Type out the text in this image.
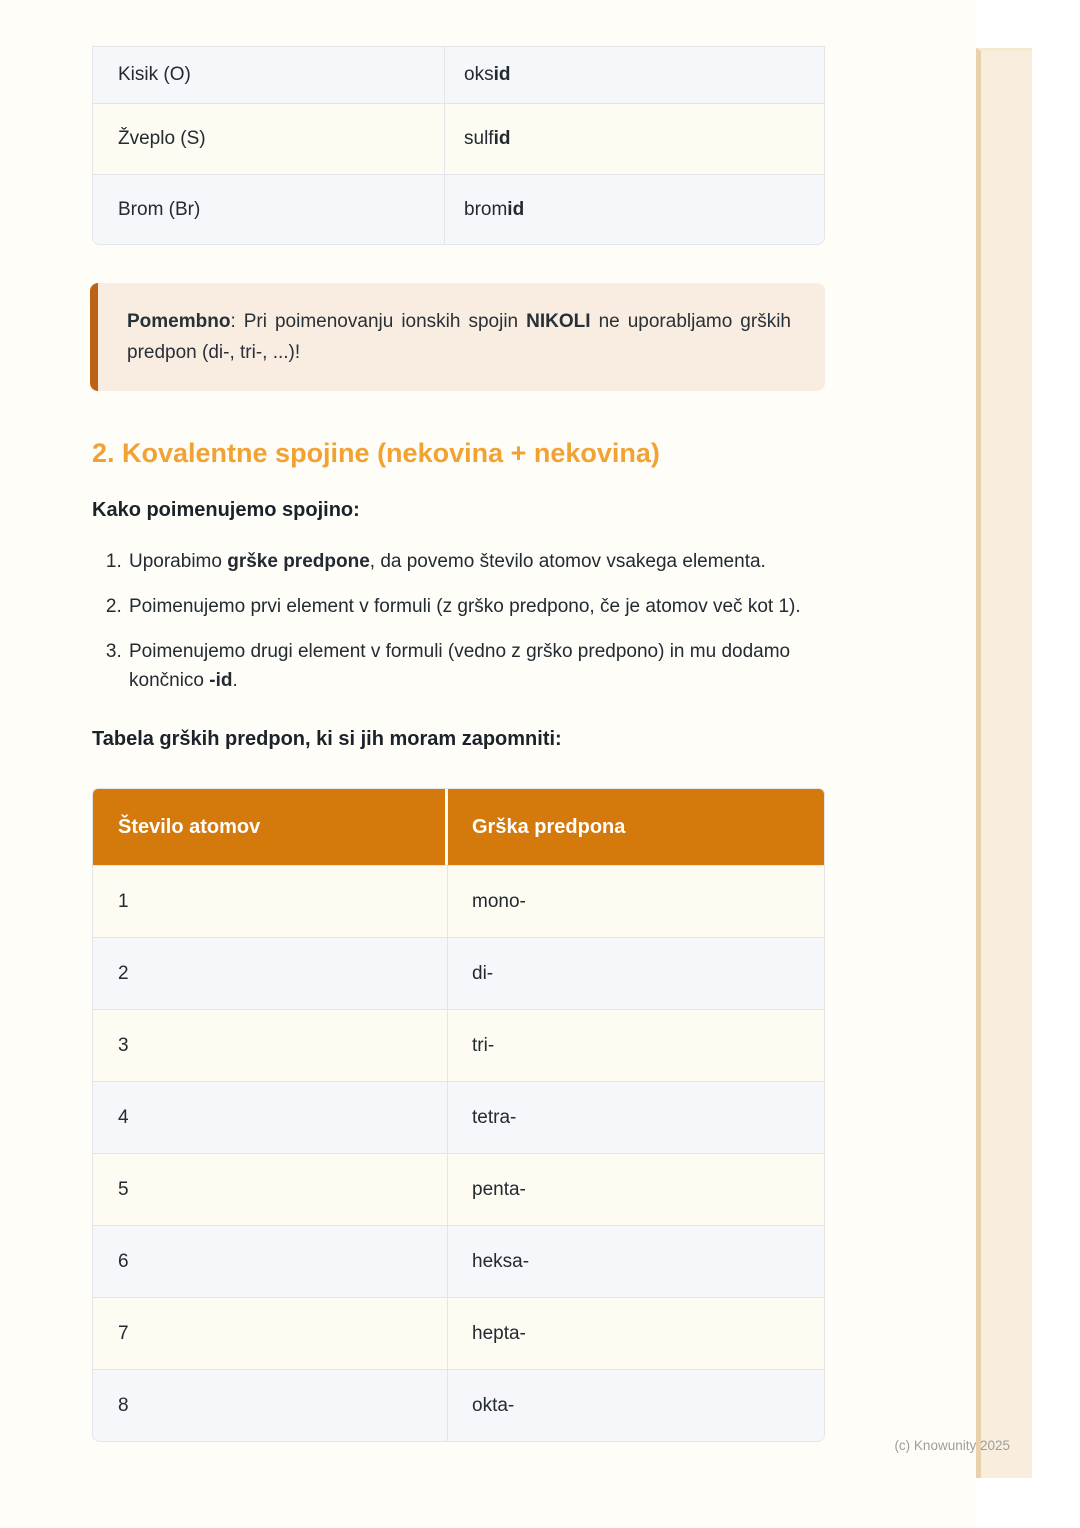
Kisik (O)	oks id
Žveplo (S)	sulf id
Brom (Br)	brom id

Pomembno: Pri poimenovanju ionskih spojin NIKOLI ne uporabljamo grških predpon (di-, tri-, ...)!

2. Kovalentne spojine (nekovina + nekovina)

Kako poimenujemo spojino:

1. Uporabimo grške predpone, da povemo število atomov vsakega elementa.
2. Poimenujemo prvi element v formuli (z grško predpono, če je atomov več kot 1).
3. Poimenujemo drugi element v formuli (vedno z grško predpono) in mu dodamo končnico -id.

Tabela grških predpon, ki si jih moram zapomniti:

Število atomov	Grška predpona
1	mono-
2	di-
3	tri-
4	tetra-
5	penta-
6	heksa-
7	hepta-
8	okta-
(c) Knowunity 2025
